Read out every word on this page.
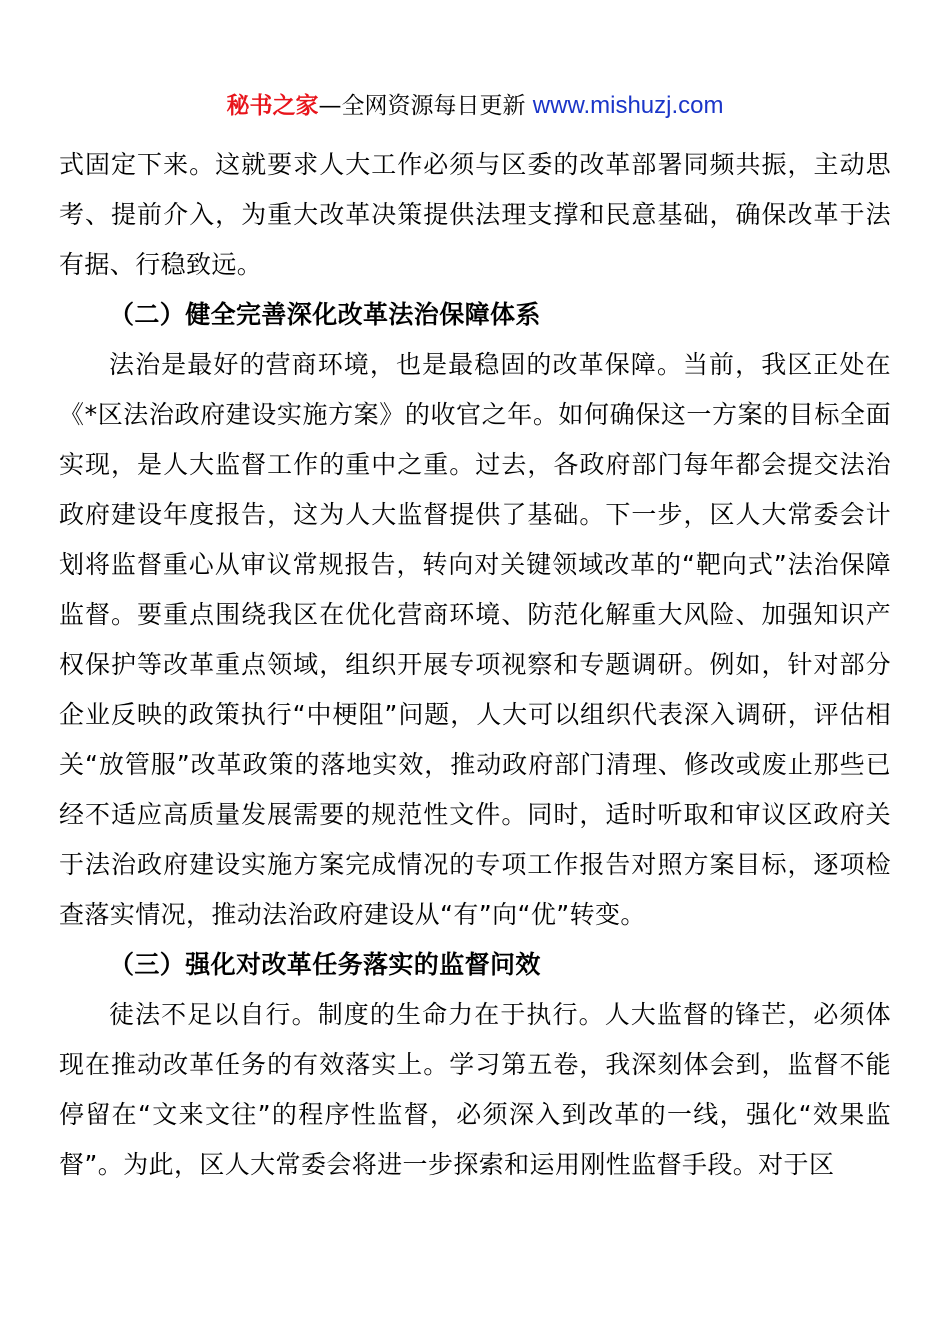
秘书之家—全网资源每日更新 www.mishuzj.com

式固定下来。这就要求人大工作必须与区委的改革部署同频共振，主动思考、提前介入，为重大改革决策提供法理支撑和民意基础，确保改革于法有据、行稳致远。

（二）健全完善深化改革法治保障体系

法治是最好的营商环境，也是最稳固的改革保障。当前，我区正处在《*区法治政府建设实施方案》的收官之年。如何确保这一方案的目标全面实现，是人大监督工作的重中之重。过去，各政府部门每年都会提交法治政府建设年度报告，这为人大监督提供了基础。下一步，区人大常委会计划将监督重心从审议常规报告，转向对关键领域改革的“靶向式”法治保障监督。要重点围绕我区在优化营商环境、防范化解重大风险、加强知识产权保护等改革重点领域，组织开展专项视察和专题调研。例如，针对部分企业反映的政策执行“中梗阻”问题，人大可以组织代表深入调研，评估相关“放管服”改革政策的落地实效，推动政府部门清理、修改或废止那些已经不适应高质量发展需要的规范性文件。同时，适时听取和审议区政府关于法治政府建设实施方案完成情况的专项工作报告对照方案目标，逐项检查落实情况，推动法治政府建设从“有”向“优”转变。

（三）强化对改革任务落实的监督问效

徒法不足以自行。制度的生命力在于执行。人大监督的锋芒，必须体现在推动改革任务的有效落实上。学习第五卷，我深刻体会到，监督不能停留在“文来文往”的程序性监督，必须深入到改革的一线，强化“效果监督”。为此，区人大常委会将进一步探索和运用刚性监督手段。对于区
